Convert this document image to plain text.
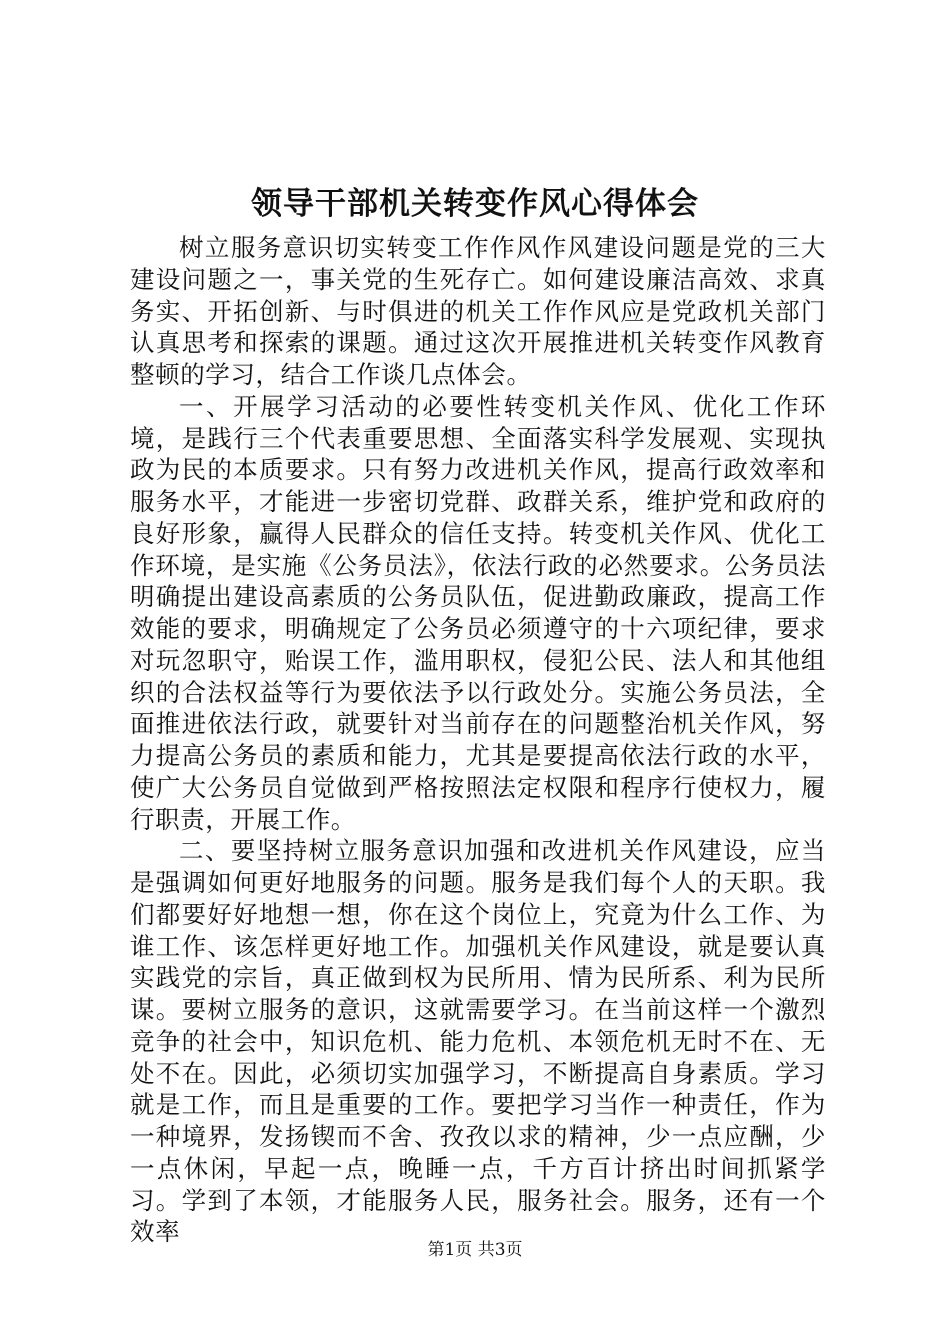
领导干部机关转变作风心得体会

树立服务意识切实转变工作作风作风建设问题是党的三大建设问题之一，事关党的生死存亡。如何建设廉洁高效、求真务实、开拓创新、与时俱进的机关工作作风应是党政机关部门认真思考和探索的课题。通过这次开展推进机关转变作风教育整顿的学习，结合工作谈几点体会。

一、开展学习活动的必要性转变机关作风、优化工作环境，是践行三个代表重要思想、全面落实科学发展观、实现执政为民的本质要求。只有努力改进机关作风，提高行政效率和服务水平，才能进一步密切党群、政群关系，维护党和政府的良好形象，赢得人民群众的信任支持。转变机关作风、优化工作环境，是实施《公务员法》，依法行政的必然要求。公务员法明确提出建设高素质的公务员队伍，促进勤政廉政，提高工作效能的要求，明确规定了公务员必须遵守的十六项纪律，要求对玩忽职守，贻误工作，滥用职权，侵犯公民、法人和其他组织的合法权益等行为要依法予以行政处分。实施公务员法，全面推进依法行政，就要针对当前存在的问题整治机关作风，努力提高公务员的素质和能力，尤其是要提高依法行政的水平，使广大公务员自觉做到严格按照法定权限和程序行使权力，履行职责，开展工作。

二、要坚持树立服务意识加强和改进机关作风建设，应当是强调如何更好地服务的问题。服务是我们每个人的天职。我们都要好好地想一想，你在这个岗位上，究竟为什么工作、为谁工作、该怎样更好地工作。加强机关作风建设，就是要认真实践党的宗旨，真正做到权为民所用、情为民所系、利为民所谋。要树立服务的意识，这就需要学习。在当前这样一个激烈竞争的社会中，知识危机、能力危机、本领危机无时不在、无处不在。因此，必须切实加强学习，不断提高自身素质。学习就是工作，而且是重要的工作。要把学习当作一种责任，作为一种境界，发扬锲而不舍、孜孜以求的精神，少一点应酬，少一点休闲，早起一点，晚睡一点，千方百计挤出时间抓紧学习。学到了本领，才能服务人民，服务社会。服务，还有一个效率

第1页 共3页
